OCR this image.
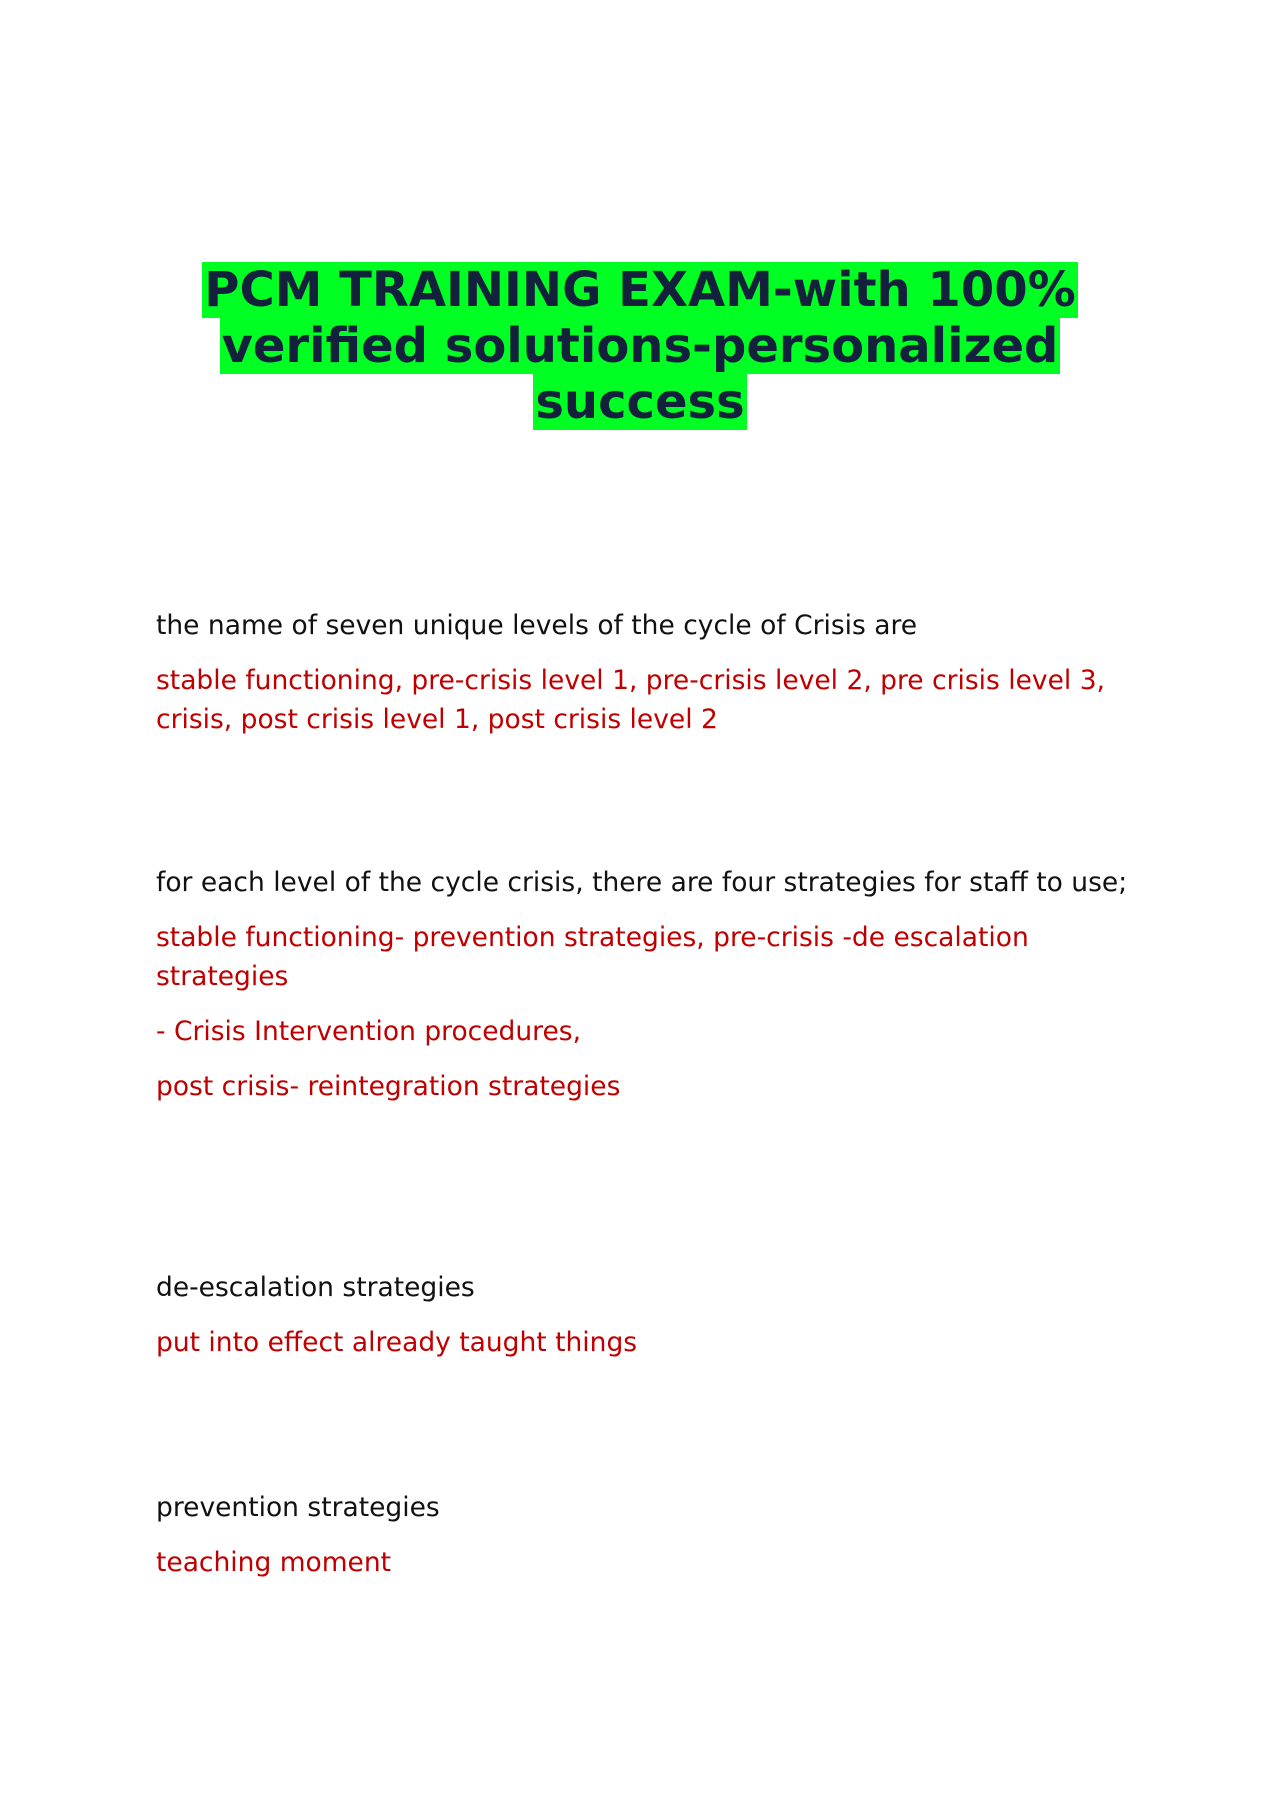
PCM TRAINING EXAM-with 100% verified solutions-personalized success

the name of seven unique levels of the cycle of Crisis are

stable functioning, pre-crisis level 1, pre-crisis level 2, pre crisis level 3, crisis, post crisis level 1, post crisis level 2

for each level of the cycle crisis, there are four strategies for staff to use;

stable functioning- prevention strategies, pre-crisis -de escalation strategies

- Crisis Intervention procedures,

post crisis- reintegration strategies

de-escalation strategies

put into effect already taught things

prevention strategies

teaching moment
